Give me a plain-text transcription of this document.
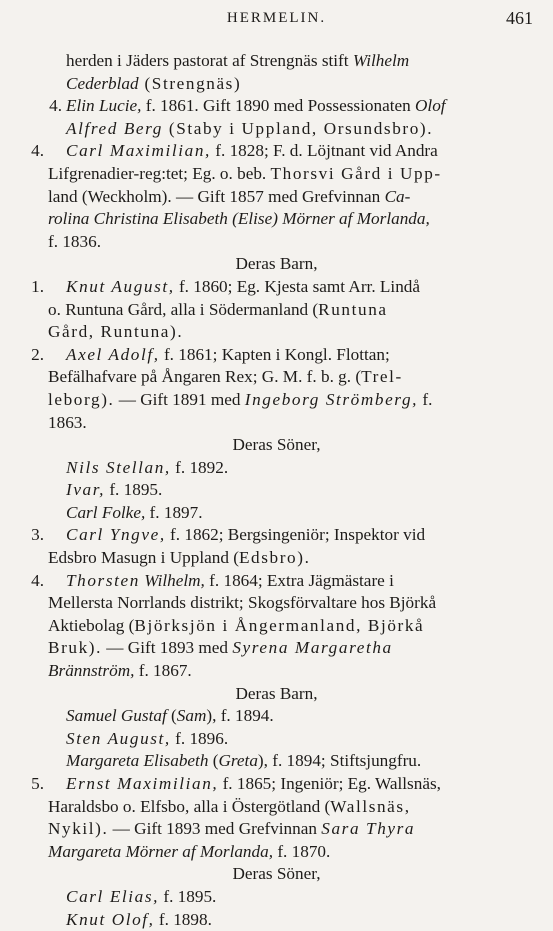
HERMELIN.	461
herden i Jäders pastorat af Strengnäs stift Wilhelm
Cederblad (Strengnäs)
4. Elin Lucie, f. 1861. Gift 1890 med Possessionaten Olof
Alfred Berg (Staby i Uppland, Orsundsbro).
4. Carl Maximilian, f. 1828; F. d. Löjtnant vid Andra
Lifgrenadier-reg:tet; Eg. o. beb. Thorsvi Gård i Upp-
land (Weckholm). — Gift 1857 med Grefvinnan Ca-
rolina Christina Elisabeth (Elise) Mörner af Morlanda,
f. 1836.
Deras Barn,
1. Knut August, f. 1860; Eg. Kjesta samt Arr. Lindå
o. Runtuna Gård, alla i Södermanland (Runtuna
Gård, Runtuna).
2. Axel Adolf, f. 1861; Kapten i Kongl. Flottan;
Befälhafvare på Ångaren Rex; G. M. f. b. g. (Trel-
leborg). — Gift 1891 med Ingeborg Strömberg, f.
1863.
Deras Söner,
Nils Stellan, f. 1892.
Ivar, f. 1895.
Carl Folke, f. 1897.
3. Carl Yngve, f. 1862; Bergsingeniör; Inspektor vid
Edsbro Masugn i Uppland (Edsbro).
4. Thorsten Wilhelm, f. 1864; Extra Jägmästare i
Mellersta Norrlands distrikt; Skogsförvaltare hos Björkå
Aktiebolag (Björksjön i Ångermanland, Björkå
Bruk). — Gift 1893 med Syrena Margaretha
Brännström, f. 1867.
Deras Barn,
Samuel Gustaf (Sam), f. 1894.
Sten August, f. 1896.
Margareta Elisabeth (Greta), f. 1894; Stiftsjungfru.
5. Ernst Maximilian, f. 1865; Ingeniör; Eg. Wallsnäs,
Haraldsbo o. Elfsbo, alla i Östergötland (Wallsnäs,
Nykil). — Gift 1893 med Grefvinnan Sara Thyra
Margareta Mörner af Morlanda, f. 1870.
Deras Söner,
Carl Elias, f. 1895.
Knut Olof, f. 1898.
